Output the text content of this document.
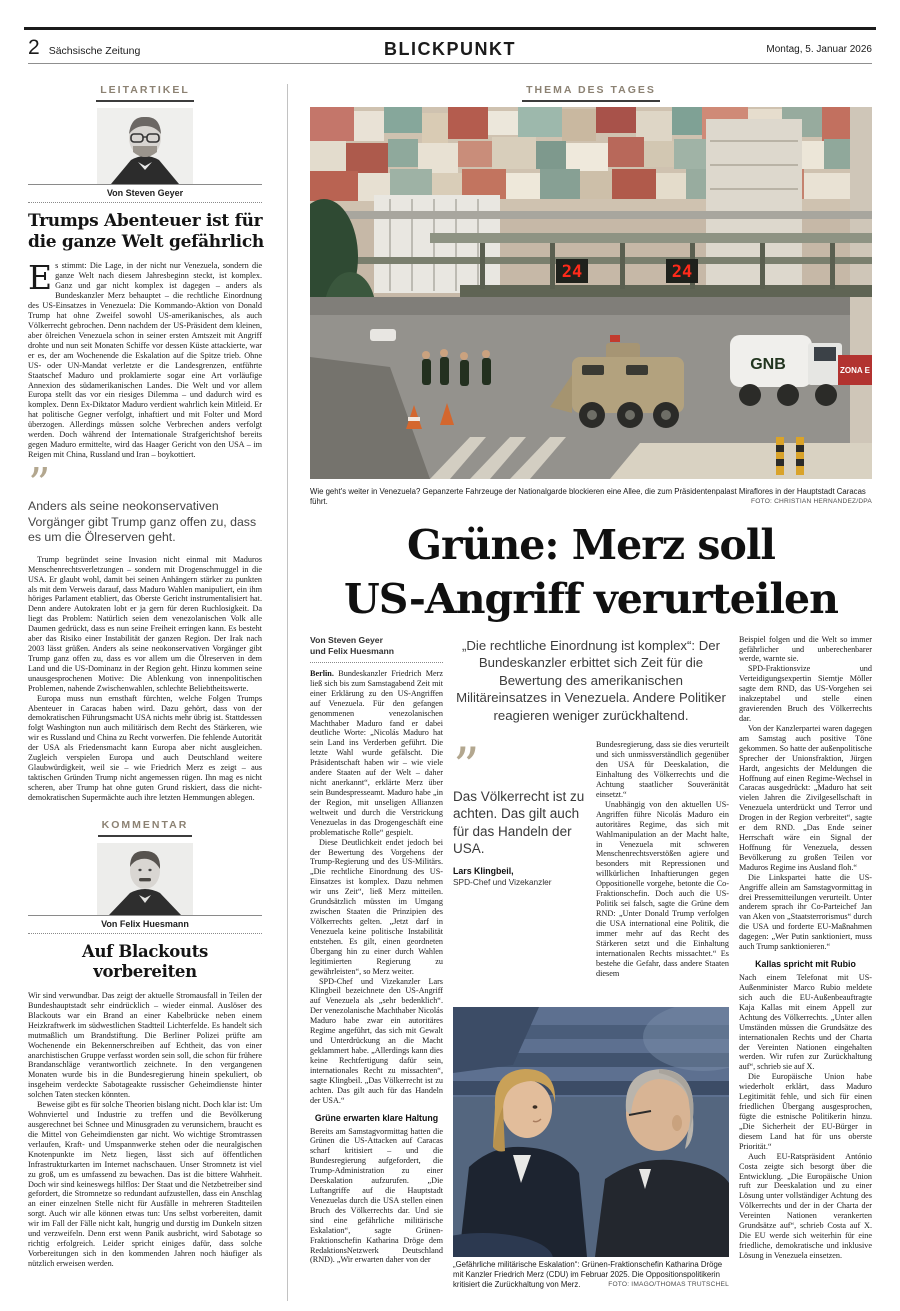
2 Sächsische Zeitung	BLICKPUNKT	Montag, 5. Januar 2026
LEITARTIKEL
Von Steven Geyer
Trumps Abenteuer ist für
die ganze Welt gefährlich

Es stimmt: Die Lage, in der nicht nur Venezuela, sondern die ganze Welt nach diesem Jahresbeginn steckt, ist komplex. Ganz und gar nicht komplex ist dagegen – anders als Bundeskanzler Merz behauptet – die rechtliche Einordnung des US-Einsatzes in Venezuela: Die Kommando-Aktion von Donald Trump hat ohne Zweifel sowohl US-amerikanisches, als auch Völkerrecht gebrochen. Denn nachdem der US-Präsident dem kleinen, aber ölreichen Venezuela schon in seiner ersten Amtszeit mit Angriff drohte und nun seit Monaten Schiffe vor dessen Küste attackierte, war er es, der am Wochenende die Eskalation auf die Spitze trieb. Ohne US- oder UN-Mandat verletzte er die Landesgrenzen, entführte Staatschef Maduro und proklamierte sogar eine Art vorläufige Annexion des südamerikanischen Landes. Die Welt und vor allem Europa stellt das vor ein riesiges Dilemma – und dadurch wird es komplex. Denn Ex-Diktator Maduro verdient wahrlich kein Mitleid. Er hat politische Gegner verfolgt, inhaftiert und mit Folter und Mord überzogen. Allerdings müssen solche Verbrechen anders verfolgt werden. Doch während der Internationale Strafgerichtshof bereits gegen Maduro ermittelte, wird das Haager Gericht von den USA – im Reigen mit China, Russland und Iran – boykottiert.

”

Anders als seine neokonservativen Vorgänger gibt Trump ganz offen zu, dass es um die Ölreserven geht.

Trump begründet seine Invasion nicht einmal mit Maduros Menschenrechtsverletzungen – sondern mit Drogenschmuggel in die USA. Er glaubt wohl, damit bei seinen Anhängern stärker zu punkten als mit dem Verweis darauf, dass Maduro Wahlen manipuliert, ein ihm höriges Parlament etabliert, das Oberste Gericht instrumentalisiert hat. Denn andere Autokraten lobt er ja gern für deren Ruchlosigkeit. Da liegt das Problem: Natürlich seien dem venezolanischen Volk alle Daumen gedrückt, dass es nun seine Freiheit erringen kann. Es besteht aber das Risiko einer Instabilität der ganzen Region. Der Irak nach 2003 lässt grüßen. Anders als seine neokonservativen Vorgänger gibt Trump ganz offen zu, dass es vor allem um die Ölreserven in dem Land und die US-Dominanz in der Region geht. Hinzu kommen seine unausgesprochenen Motive: Die Ablenkung von innenpolitischen Problemen, nahende Zwischenwahlen, schlechte Beliebtheitswerte.

Europa muss nun ernsthaft fürchten, welche Folgen Trumps Abenteuer in Caracas haben wird. Dazu gehört, dass von der demokratischen Führungsmacht USA nichts mehr übrig ist. Stattdessen folgt Washington nun auch militärisch dem Recht des Stärkeren, wie wir es Russland und China zu Recht vorwerfen. Die fehlende Autorität der USA als Friedensmacht kann Europa aber nicht ausgleichen. Zugleich verspielen Europa und auch Deutschland weitere Glaubwürdigkeit, weil sie – wie Friedrich Merz es zeigt – aus taktischen Gründen Trump nicht angemessen rügen. Ihn mag es nicht scheren, aber Trump hat ohne guten Grund riskiert, dass die nicht-demokratischen Supermächte auch ihre letzten Hemmungen ablegen.

KOMMENTAR
Von Felix Huesmann
Auf Blackouts vorbereiten

Wir sind verwundbar. Das zeigt der aktuelle Stromausfall in Teilen der Bundeshauptstadt sehr eindrücklich – wieder einmal. Auslöser des Blackouts war ein Brand an einer Kabelbrücke neben einem Heizkraftwerk im südwestlichen Stadtteil Lichterfelde. Es handelt sich mutmaßlich um Brandstiftung. Die Berliner Polizei prüfte am Wochenende ein Bekennerschreiben auf Echtheit, das von einer anarchistischen Gruppe verfasst worden sein soll, die schon für frühere Brandanschläge verantwortlich zeichnete. In den vergangenen Monaten wurde bis in die Bundesregierung hinein spekuliert, ob insgeheim verdeckte Sabotageakte russischer Geheimdienste hinter solchen Taten stecken könnten.

Beweise gibt es für solche Theorien bislang nicht. Doch klar ist: Um Wohnviertel und Industrie zu treffen und die Bevölkerung ausgerechnet bei Schnee und Minusgraden zu verunsichern, braucht es die Mittel von Geheimdiensten gar nicht. Wo wichtige Stromtrassen verlaufen, Kraft- und Umspannwerke stehen oder die neuralgischen Knotenpunkte im Netz liegen, lässt sich auf öffentlichen Infrastrukturkarten im Internet nachschauen. Unser Stromnetz ist viel zu groß, um es umfassend zu bewachen. Das ist die bittere Wahrheit. Doch wir sind keineswegs hilflos: Der Staat und die Netzbetreiber sind gefordert, die Stromnetze so redundant aufzustellen, dass ein Anschlag an einer einzelnen Stelle nicht für Ausfälle in mehreren Stadtteilen sorgt. Auch wir alle können etwas tun: Uns selbst vorbereiten, damit wir im Fall der Fälle nicht kalt, hungrig und durstig im Dunkeln sitzen und verzweifeln. Denn erst wenn Panik ausbricht, wird Sabotage so richtig erfolgreich. Leider spricht einiges dafür, dass solche Vorbereitungen sich in den kommenden Jahren noch häufiger als nützlich erweisen werden.

THEMA DES TAGES
24	24
GNB	ZONA E
Wie geht's weiter in Venezuela? Gepanzerte Fahrzeuge der Nationalgarde blockieren eine Allee, die zum Präsidentenpalast Miraflores in der Hauptstadt Caracas führt.	FOTO: CHRISTIAN HERNANDEZ/DPA
Grüne: Merz soll
US-Angriff verurteilen
Von Steven Geyer
und Felix Huesmann

Berlin. Bundeskanzler Friedrich Merz ließ sich bis zum Samstagabend Zeit mit einer Erklärung zu den US-Angriffen auf Venezuela. Für den gefangen genommenen venezolanischen Machthaber Maduro fand er dabei deutliche Worte: „Nicolás Maduro hat sein Land ins Verderben geführt. Die letzte Wahl wurde gefälscht. Die Präsidentschaft haben wir – wie viele andere Staaten auf der Welt – daher nicht anerkannt“, erklärte Merz über sein Bundespresseamt. Maduro habe „in der Region, mit unseligen Allianzen weltweit und durch die Verstrickung Venezuelas in das Drogengeschäft eine problematische Rolle“ gespielt.

Diese Deutlichkeit endet jedoch bei der Bewertung des Vorgehens der Trump-Regierung und des US-Militärs. „Die rechtliche Einordnung des US-Einsatzes ist komplex. Dazu nehmen wir uns Zeit“, ließ Merz mitteilen. Grundsätzlich müssten im Umgang zwischen Staaten die Prinzipien des Völkerrechts gelten. „Jetzt darf in Venezuela keine politische Instabilität entstehen. Es gilt, einen geordneten Übergang hin zu einer durch Wahlen legitimierten Regierung zu gewährleisten“, so Merz weiter.

SPD-Chef und Vizekanzler Lars Klingbeil bezeichnete den US-Angriff auf Venezuela als „sehr bedenklich“. Der venezolanische Machthaber Nicolás Maduro habe zwar ein autoritäres Regime angeführt, das sich mit Gewalt und Unterdrückung an die Macht geklammert habe. „Allerdings kann dies keine Rechtfertigung dafür sein, internationales Recht zu missachten“, sagte Klingbeil. „Das Völkerrecht ist zu achten. Das gilt auch für das Handeln der USA.“

Grüne erwarten klare Haltung

Bereits am Samstagvormittag hatten die Grünen die US-Attacken auf Caracas scharf kritisiert – und die Bundesregierung aufgefordert, die Trump-Administration zu einer Deeskalation aufzurufen. „Die Luftangriffe auf die Hauptstadt Venezuelas durch die USA stellen einen Bruch des Völkerrechts dar. Und sie sind eine gefährliche militärische Eskalation“, sagte Grünen-Fraktionschefin Katharina Dröge dem RedaktionsNetzwerk Deutschland (RND). „Wir erwarten daher von der

„Die rechtliche Einordnung ist komplex“: Der Bundeskanzler erbittet sich Zeit für die Bewertung des amerikanischen Militäreinsatzes in Venezuela. Andere Politiker reagieren weniger zurückhaltend.
”

Das Völkerrecht ist zu achten. Das gilt auch für das Handeln der USA.

Lars Klingbeil,
SPD-Chef und Vizekanzler

Bundesregierung, dass sie dies verurteilt und sich unmissverständlich gegenüber den USA für Deeskalation, die Einhaltung des Völkerrechts und die Achtung staatlicher Souveränität einsetzt.“

Unabhängig von den aktuellen US-Angriffen führe Nicolás Maduro ein autoritäres Regime, das sich mit Wahlmanipulation an der Macht halte, in Venezuela mit schweren Menschenrechtsverstößen agiere und besonders mit Repressionen und willkürlichen Inhaftierungen gegen Oppositionelle vorgehe, betonte die Co-Fraktionschefin. Doch auch die US-Politik sei falsch, sagte die Grüne dem RND: „Unter Donald Trump verfolgen die USA international eine Politik, die immer mehr auf das Recht des Stärkeren setzt und die Einhaltung internationalen Rechts missachtet.“ Es bestehe die Gefahr, dass andere Staaten diesem

„Gefährliche militärische Eskalation“: Grünen-Fraktionschefin Katharina Dröge mit Kanzler Friedrich Merz (CDU) im Februar 2025. Die Oppositionspolitikerin kritisiert die Zurückhaltung von Merz.	FOTO: IMAGO/THOMAS TRUTSCHEL

Beispiel folgen und die Welt so immer gefährlicher und unberechenbarer werde, warnte sie.

SPD-Fraktionsvize und Verteidigungsexpertin Siemtje Möller sagte dem RND, das US-Vorgehen sei inakzeptabel und stelle einen gravierenden Bruch des Völkerrechts dar.

Von der Kanzlerpartei waren dagegen am Samstag auch positive Töne gekommen. So hatte der außenpolitische Sprecher der Unionsfraktion, Jürgen Hardt, angesichts der Meldungen die Hoffnung auf einen Regime-Wechsel in Caracas ausgedrückt: „Maduro hat seit vielen Jahren die Zivilgesellschaft in Venezuela unterdrückt und Terror und Drogen in der Region verbreitet“, sagte er dem RND. „Das Ende seiner Herrschaft wäre ein Signal der Hoffnung für Venezuela, dessen Bevölkerung zu großen Teilen vor Maduros Regime ins Ausland floh.“

Die Linkspartei hatte die US-Angriffe allein am Samstagvormittag in drei Pressemitteilungen verurteilt. Unter anderem sprach ihr Co-Parteichef Jan van Aken von „Staatsterrorismus“ durch die USA und forderte EU-Maßnahmen dagegen: „Wer Putin sanktioniert, muss auch Trump sanktionieren.“

Kallas spricht mit Rubio

Nach einem Telefonat mit US-Außenminister Marco Rubio meldete sich auch die EU-Außenbeauftragte Kaja Kallas mit einem Appell zur Achtung des Völkerrechts. „Unter allen Umständen müssen die Grundsätze des internationalen Rechts und der Charta der Vereinten Nationen eingehalten werden. Wir rufen zur Zurückhaltung auf“, schrieb sie auf X.

Die Europäische Union habe wiederholt erklärt, dass Maduro Legitimität fehle, und sich für einen friedlichen Übergang ausgesprochen, fügte die estnische Politikerin hinzu. „Die Sicherheit der EU-Bürger in diesem Land hat für uns oberste Priorität.“

Auch EU-Ratspräsident António Costa zeigte sich besorgt über die Entwicklung. „Die Europäische Union ruft zur Deeskalation und zu einer Lösung unter vollständiger Achtung des Völkerrechts und der in der Charta der Vereinten Nationen verankerten Grundsätze auf“, schrieb Costa auf X. Die EU werde sich weiterhin für eine friedliche, demokratische und inklusive Lösung in Venezuela einsetzen.
